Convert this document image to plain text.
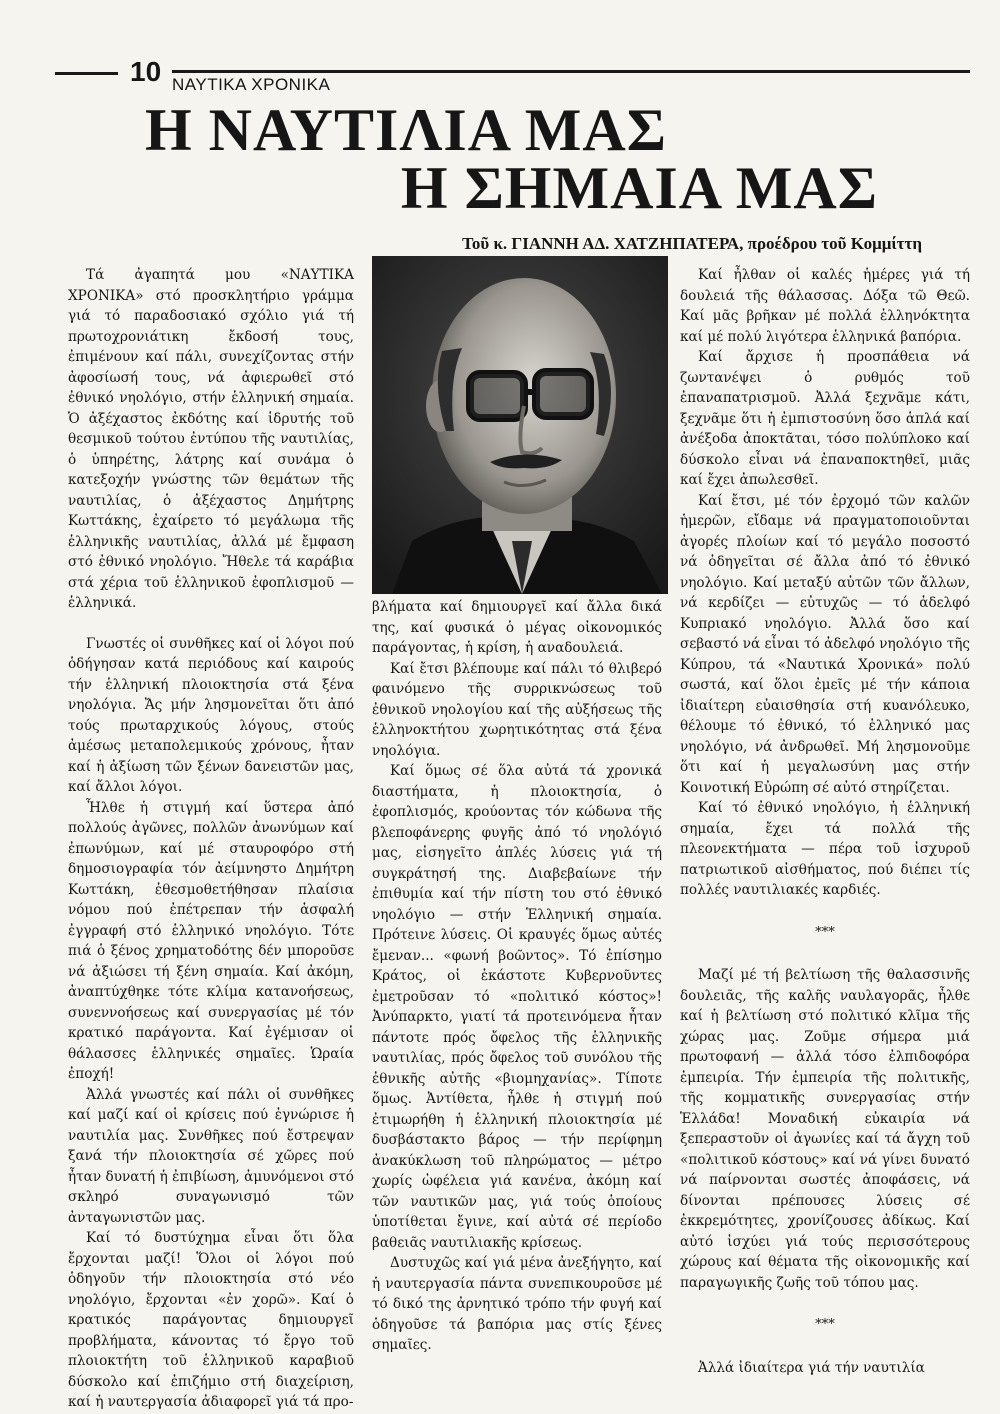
10 ΝΑΥΤΙΚΑ ΧΡΟΝΙΚΑ
Η ΝΑΥΤΙΛΙΑ ΜΑΣ
Η ΣΗΜΑΙΑ ΜΑΣ
Τοῦ κ. ΓΙΑΝΝΗ ΑΔ. ΧΑΤΖΗΠΑΤΕΡΑ, προέδρου τοῦ Κομμίττη

Τά ἀγαπητά μου «ΝΑΥΤΙΚΑ ΧΡΟΝΙΚΑ» στό προσκλητήριο γράμμα γιά τό παραδοσιακό σχόλιο γιά τή πρωτοχρονιάτικη ἔκδοσή τους, ἐπιμένουν καί πάλι, συνεχίζοντας στήν ἀφοσίωσή τους, νά ἀφιερωθεῖ στό ἐθνικό νηολόγιο, στήν ἑλληνική σημαία. Ὁ ἀξέχαστος ἐκδότης καί ἱδρυτής τοῦ θεσμικοῦ τούτου ἐντύπου τῆς ναυτιλίας, ὁ ὑπηρέτης, λάτρης καί συνάμα ὁ κατεξοχήν γνώστης τῶν θεμάτων τῆς ναυτιλίας, ὁ ἀξέχαστος Δημήτρης Κωττάκης, ἐχαίρετο τό μεγάλωμα τῆς ἑλληνικῆς ναυτιλίας, ἀλλά μέ ἔμφαση στό ἐθνικό νηολόγιο. Ἤθελε τά καράβια στά χέρια τοῦ ἑλληνικοῦ ἐφοπλισμοῦ — ἑλληνικά.

Γνωστές οἱ συνθῆκες καί οἱ λόγοι πού ὁδήγησαν κατά περιόδους καί καιρούς τήν ἑλληνική πλοιοκτησία στά ξένα νηολόγια. Ἄς μήν λησμονεῖται ὅτι ἀπό τούς πρωταρχικούς λόγους, στούς ἀμέσως μεταπολεμικούς χρόνους, ἦταν καί ἡ ἀξίωση τῶν ξένων δανειστῶν μας, καί ἄλλοι λόγοι.

Ἦλθε ἡ στιγμή καί ὕστερα ἀπό πολλούς ἀγῶνες, πολλῶν ἀνωνύμων καί ἐπωνύμων, καί μέ σταυροφόρο στή δημοσιογραφία τόν ἀείμνηστο Δημήτρη Κωττάκη, ἐθεσμοθετήθησαν πλαίσια νόμου πού ἐπέτρεπαν τήν ἀσφαλή ἐγγραφή στό ἑλληνικό νηολόγιο. Τότε πιά ὁ ξένος χρηματοδότης δέν μποροῦσε νά ἀξιώσει τή ξένη σημαία. Καί ἀκόμη, ἀναπτύχθηκε τότε κλίμα κατανοήσεως, συνεννοήσεως καί συνεργασίας μέ τόν κρατικό παράγοντα. Καί ἐγέμισαν οἱ θάλασσες ἑλληνικές σημαῖες. Ὡραία ἐποχή!

Ἀλλά γνωστές καί πάλι οἱ συνθῆκες καί μαζί καί οἱ κρίσεις πού ἐγνώρισε ἡ ναυτιλία μας. Συνθῆκες πού ἔστρεψαν ξανά τήν πλοιοκτησία σέ χῶρες πού ἦταν δυνατή ἡ ἐπιβίωση, ἀμυνόμενοι στό σκληρό συναγωνισμό τῶν ἀνταγωνιστῶν μας.

Καί τό δυστύχημα εἶναι ὅτι ὅλα ἔρχονται μαζί! Ὅλοι οἱ λόγοι πού ὁδηγοῦν τήν πλοιοκτησία στό νέο νηολόγιο, ἔρχονται «ἐν χορῶ». Καί ὁ κρατικός παράγοντας δημιουργεῖ προβλήματα, κάνοντας τό ἔργο τοῦ πλοιοκτήτη τοῦ ἑλληνικοῦ καραβιοῦ δύσκολο καί ἐπιζήμιο στή διαχείριση, καί ἡ ναυτεργασία ἀδιαφορεῖ γιά τά προ-

βλήματα καί δημιουργεῖ καί ἄλλα δικά της, καί φυσικά ὁ μέγας οἰκονομικός παράγοντας, ἡ κρίση, ἡ αναδουλειά.

Καί ἔτσι βλέπουμε καί πάλι τό θλιβερό φαινόμενο τῆς συρρικνώσεως τοῦ ἐθνικοῦ νηολογίου καί τῆς αὐξήσεως τῆς ἑλληνοκτήτου χωρητικότητας στά ξένα νηολόγια.

Καί ὅμως σέ ὅλα αὐτά τά χρονικά διαστήματα, ἡ πλοιοκτησία, ὁ ἐφοπλισμός, κρούοντας τόν κώδωνα τῆς βλεποφάνερης φυγῆς ἀπό τό νηολόγιό μας, εἰσηγεῖτο ἁπλές λύσεις γιά τή συγκράτησή της. Διαβεβαίωνε τήν ἐπιθυμία καί τήν πίστη του στό ἐθνικό νηολόγιο — στήν Ἑλληνική σημαία. Πρότεινε λύσεις. Οἱ κραυγές ὅμως αὐτές ἔμεναν... «φωνή βοῶντος». Τό ἐπίσημο Κράτος, οἱ ἑκάστοτε Κυβερνοῦντες ἐμετροῦσαν τό «πολιτικό κόστος»! Ἀνύπαρκτο, γιατί τά προτεινόμενα ἦταν πάντοτε πρός ὄφελος τῆς ἑλληνικῆς ναυτιλίας, πρός ὄφελος τοῦ συνόλου τῆς ἐθνικῆς αὐτῆς «βιομηχανίας». Τίποτε ὅμως. Ἀντίθετα, ἦλθε ἡ στιγμή πού ἐτιμωρήθη ἡ ἑλληνική πλοιοκτησία μέ δυσβάστακτο βάρος — τήν περίφημη ἀνακύκλωση τοῦ πληρώματος — μέτρο χωρίς ὠφέλεια γιά κανένα, ἀκόμη καί τῶν ναυτικῶν μας, γιά τούς ὁποίους ὑποτίθεται ἔγινε, καί αὐτά σέ περίοδο βαθειᾶς ναυτιλιακῆς κρίσεως.

Δυστυχῶς καί γιά μένα ἀνεξήγητο, καί ἡ ναυτεργασία πάντα συνεπικουροῦσε μέ τό δικό της ἀρνητικό τρόπο τήν φυγή καί ὁδηγοῦσε τά βαπόρια μας στίς ξένες σημαῖες.

Καί ἦλθαν οἱ καλές ἡμέρες γιά τή δουλειά τῆς θάλασσας. Δόξα τῶ Θεῶ. Καί μᾶς βρῆκαν μέ πολλά ἑλληνόκτητα καί μέ πολύ λιγότερα ἑλληνικά βαπόρια.

Καί ἄρχισε ἡ προσπάθεια νά ζωντανέψει ὁ ρυθμός τοῦ ἐπαναπατρισμοῦ. Ἀλλά ξεχνᾶμε κάτι, ξεχνᾶμε ὅτι ἡ ἐμπιστοσύνη ὅσο ἁπλά καί ἀνέξοδα ἀποκτᾶται, τόσο πολύπλοκο καί δύσκολο εἶναι νά ἐπαναποκτηθεῖ, μιᾶς καί ἔχει ἀπωλεσθεῖ.

Καί ἔτσι, μέ τόν ἐρχομό τῶν καλῶν ἡμερῶν, εἴδαμε νά πραγματοποιοῦνται ἀγορές πλοίων καί τό μεγάλο ποσοστό νά ὁδηγεῖται σέ ἄλλα ἀπό τό ἐθνικό νηολόγιο. Καί μεταξύ αὐτῶν τῶν ἄλλων, νά κερδίζει — εὐτυχῶς — τό ἀδελφό Κυπριακό νηολόγιο. Ἀλλά ὅσο καί σεβαστό νά εἶναι τό ἀδελφό νηολόγιο τῆς Κύπρου, τά «Ναυτικά Χρονικά» πολύ σωστά, καί ὅλοι ἐμεῖς μέ τήν κάποια ἰδιαίτερη εὐαισθησία στή κυανόλευκο, θέλουμε τό ἐθνικό, τό ἑλληνικό μας νηολόγιο, νά ἀνδρωθεῖ. Μή λησμονοῦμε ὅτι καί ἡ μεγαλωσύνη μας στήν Κοινοτική Εὐρώπη σέ αὐτό στηρίζεται.

Καί τό ἐθνικό νηολόγιο, ἡ ἑλληνική σημαία, ἔχει τά πολλά τῆς πλεονεκτήματα — πέρα τοῦ ἰσχυροῦ πατριωτικοῦ αἰσθήματος, πού διέπει τίς πολλές ναυτιλιακές καρδιές.

***

Μαζί μέ τή βελτίωση τῆς θαλασσινῆς δουλειᾶς, τῆς καλῆς ναυλαγορᾶς, ἦλθε καί ἡ βελτίωση στό πολιτικό κλῖμα τῆς χώρας μας. Ζοῦμε σήμερα μιά πρωτοφανή — ἀλλά τόσο ἐλπιδοφόρα ἐμπειρία. Τήν ἐμπειρία τῆς πολιτικῆς, τῆς κομματικῆς συνεργασίας στήν Ἑλλάδα! Μοναδική εὐκαιρία νά ξεπεραστοῦν οἱ ἀγωνίες καί τά ἄγχη τοῦ «πολιτικοῦ κόστους» καί νά γίνει δυνατό νά παίρνονται σωστές ἀποφάσεις, νά δίνονται πρέπουσες λύσεις σέ ἐκκρεμότητες, χρονίζουσες ἀδίκως. Καί αὐτό ἰσχύει γιά τούς περισσότερους χώρους καί θέματα τῆς οἰκονομικῆς καί παραγωγικῆς ζωῆς τοῦ τόπου μας.

***

Ἀλλά ἰδιαίτερα γιά τήν ναυτιλία
